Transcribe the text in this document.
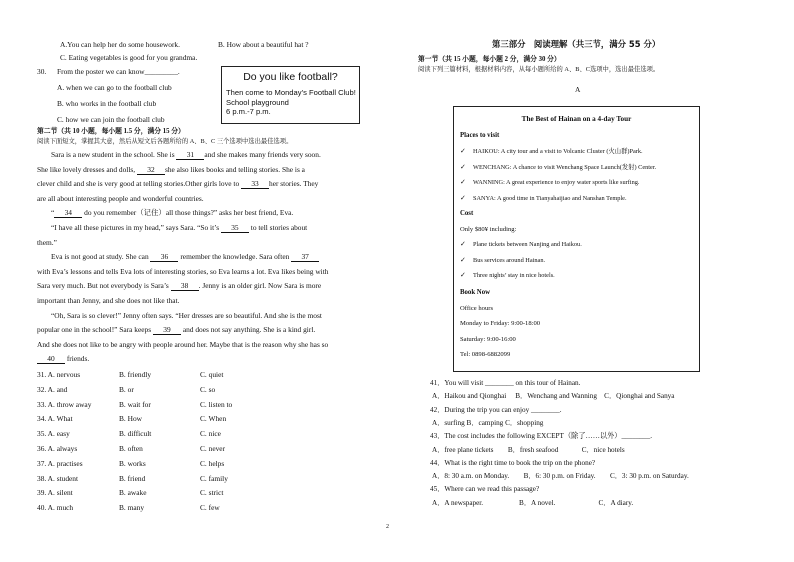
A.You can help her do some housework.	B. How about a beautiful hat ?
C. Eating vegetables is good for you grandma.
30. From the poster we can know_________.
A. when we can go to the football club
B. who works in the football club
C. how we can join the football club
Do you like football?
Then come to Monday’s Football Club!
School playground
6 p.m.-7 p.m.
第二节（共 10 小题，每小题 1.5 分，满分 15 分）
阅读下面短文，掌握其大意，然后从短文后各题所给的 A、B、C 三个选项中选出最佳选项。
Sara is a new student in the school. She is 31 and she makes many friends very soon.
She like lovely dresses and dolls, 32 she also likes books and telling stories. She is a
clever child and she is very good at telling stories.Other girls love to 33 her stories. They
are all about interesting people and wonderful countries.
“ 34 do you remember（记住）all those things?” asks her best friend, Eva.
“I have all these pictures in my head,” says Sara. “So it’s 35 to tell stories about
them.”
Eva is not good at study. She can 36 remember the knowledge. Sara often 37
with Eva’s lessons and tells Eva lots of interesting stories, so Eva learns a lot. Eva likes being with
Sara very much. But not everybody is Sara’s 38 . Jenny is an older girl. Now Sara is more
important than Jenny, and she does not like that.
“Oh, Sara is so clever!” Jenny often says. “Her dresses are so beautiful. And she is the most
popular one in the school!” Sara keeps 39 and does not say anything. She is a kind girl.
And she does not like to be angry with people around her. Maybe that is the reason why she has so
40 friends.
31. A. nervous	B. friendly	C. quiet
32. A. and	B. or	C. so
33. A. throw away	B. wait for	C. listen to
34. A. What	B. How	C. When
35. A. easy	B. difficult	C. nice
36. A. always	B. often	C. never
37. A. practises	B. works	C. helps
38. A. student	B. friend	C. family
39. A. silent	B. awake	C. strict
40. A. much	B. many	C. few
2
第三部分　阅读理解（共三节，满分 55 分）
第一节（共 15 小题，每小题 2 分，满分 30 分）
阅读下列三篇材料，根据材料内容，从每小题所给的 A、B、C选项中，选出最佳选项。
A
The Best of Hainan on a 4-day Tour
Places to visit
✓ HAIKOU: A city tour and a visit to Volcanic Cluster (火山群)Park.
✓ WENCHANG: A chance to visit Wenchang Space Launch(发射) Center.
✓ WANNING: A great experience to enjoy water sports like surfing.
✓ SANYA: A good time in Tianyahaijiao and Nanshan Temple.
Cost
Only $80¥ including:
✓ Plane tickets between Nanjing and Haikou.
✓ Bus services around Hainan.
✓ Three nights’ stay in nice hotels.
Book Now
Office hours
Monday to Friday: 9:00-18:00
Saturday: 9:00-16:00
Tel: 0898-6882099
41．You will visit ________ on this tour of Hainan.
A．Haikou and Qionghai　 B．Wenchang and Wanning　C．Qionghai and Sanya
42．During the trip you can enjoy ________.
A．surfing B．camping C．shopping
43．The cost includes the following EXCEPT（除了……以外）________.
A．free plane tickets　　B．fresh seafood　　　 C．nice hotels
44．What is the right time to book the trip on the phone?
A．8: 30 a.m. on Monday.　　B．6: 30 p.m. on Friday.　　C．3: 30 p.m. on Saturday.
45．Where can we read this passage?
A．A newspaper.　　　　　B．A novel.　　　　　　C．A diary.
